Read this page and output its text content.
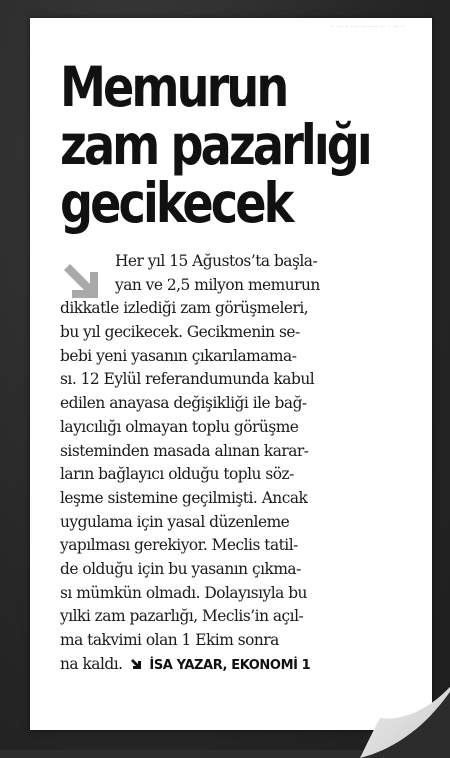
·· ··· ·· ···· ········ ··· · ··· ··
Memurun
zam pazarlığı
gecikecek
Her yıl 15 Ağustos’ta başla-
yan ve 2,5 milyon memurun
dikkatle izlediği zam görüşmeleri,
bu yıl gecikecek. Gecikmenin se-
bebi yeni yasanın çıkarılamama-
sı. 12 Eylül referandumunda kabul
edilen anayasa değişikliği ile bağ-
layıcılığı olmayan toplu görüşme
sisteminden masada alınan karar-
ların bağlayıcı olduğu toplu söz-
leşme sistemine geçilmişti. Ancak
uygulama için yasal düzenleme
yapılması gerekiyor. Meclis tatil-
de olduğu için bu yasanın çıkma-
sı mümkün olmadı. Dolayısıyla bu
yılki zam pazarlığı, Meclis’in açıl-
ma takvimi olan 1 Ekim sonra
na kaldı. İSA YAZAR, EKONOMİ 1
